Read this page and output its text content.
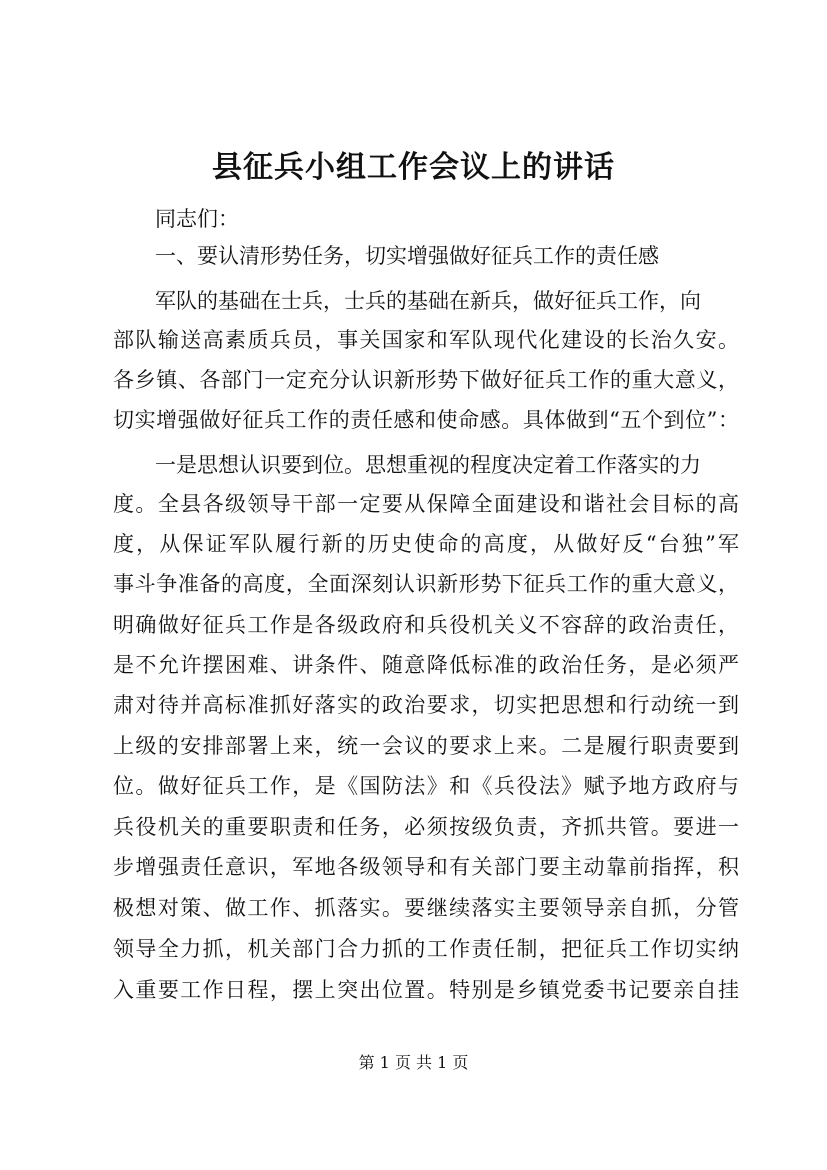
县征兵小组工作会议上的讲话

同志们：

一、要认清形势任务，切实增强做好征兵工作的责任感

军队的基础在士兵，士兵的基础在新兵，做好征兵工作，向

部队输送高素质兵员，事关国家和军队现代化建设的长治久安。

各乡镇、各部门一定充分认识新形势下做好征兵工作的重大意义，

切实增强做好征兵工作的责任感和使命感。具体做到“五个到位”：

一是思想认识要到位。思想重视的程度决定着工作落实的力

度。全县各级领导干部一定要从保障全面建设和谐社会目标的高

度，从保证军队履行新的历史使命的高度，从做好反“台独”军

事斗争准备的高度，全面深刻认识新形势下征兵工作的重大意义，

明确做好征兵工作是各级政府和兵役机关义不容辞的政治责任，

是不允许摆困难、讲条件、随意降低标准的政治任务，是必须严

肃对待并高标准抓好落实的政治要求，切实把思想和行动统一到

上级的安排部署上来，统一会议的要求上来。二是履行职责要到

位。做好征兵工作，是《国防法》和《兵役法》赋予地方政府与

兵役机关的重要职责和任务，必须按级负责，齐抓共管。要进一

步增强责任意识，军地各级领导和有关部门要主动靠前指挥，积

极想对策、做工作、抓落实。要继续落实主要领导亲自抓，分管

领导全力抓，机关部门合力抓的工作责任制，把征兵工作切实纳

入重要工作日程，摆上突出位置。特别是乡镇党委书记要亲自挂

第 1 页 共 1 页
